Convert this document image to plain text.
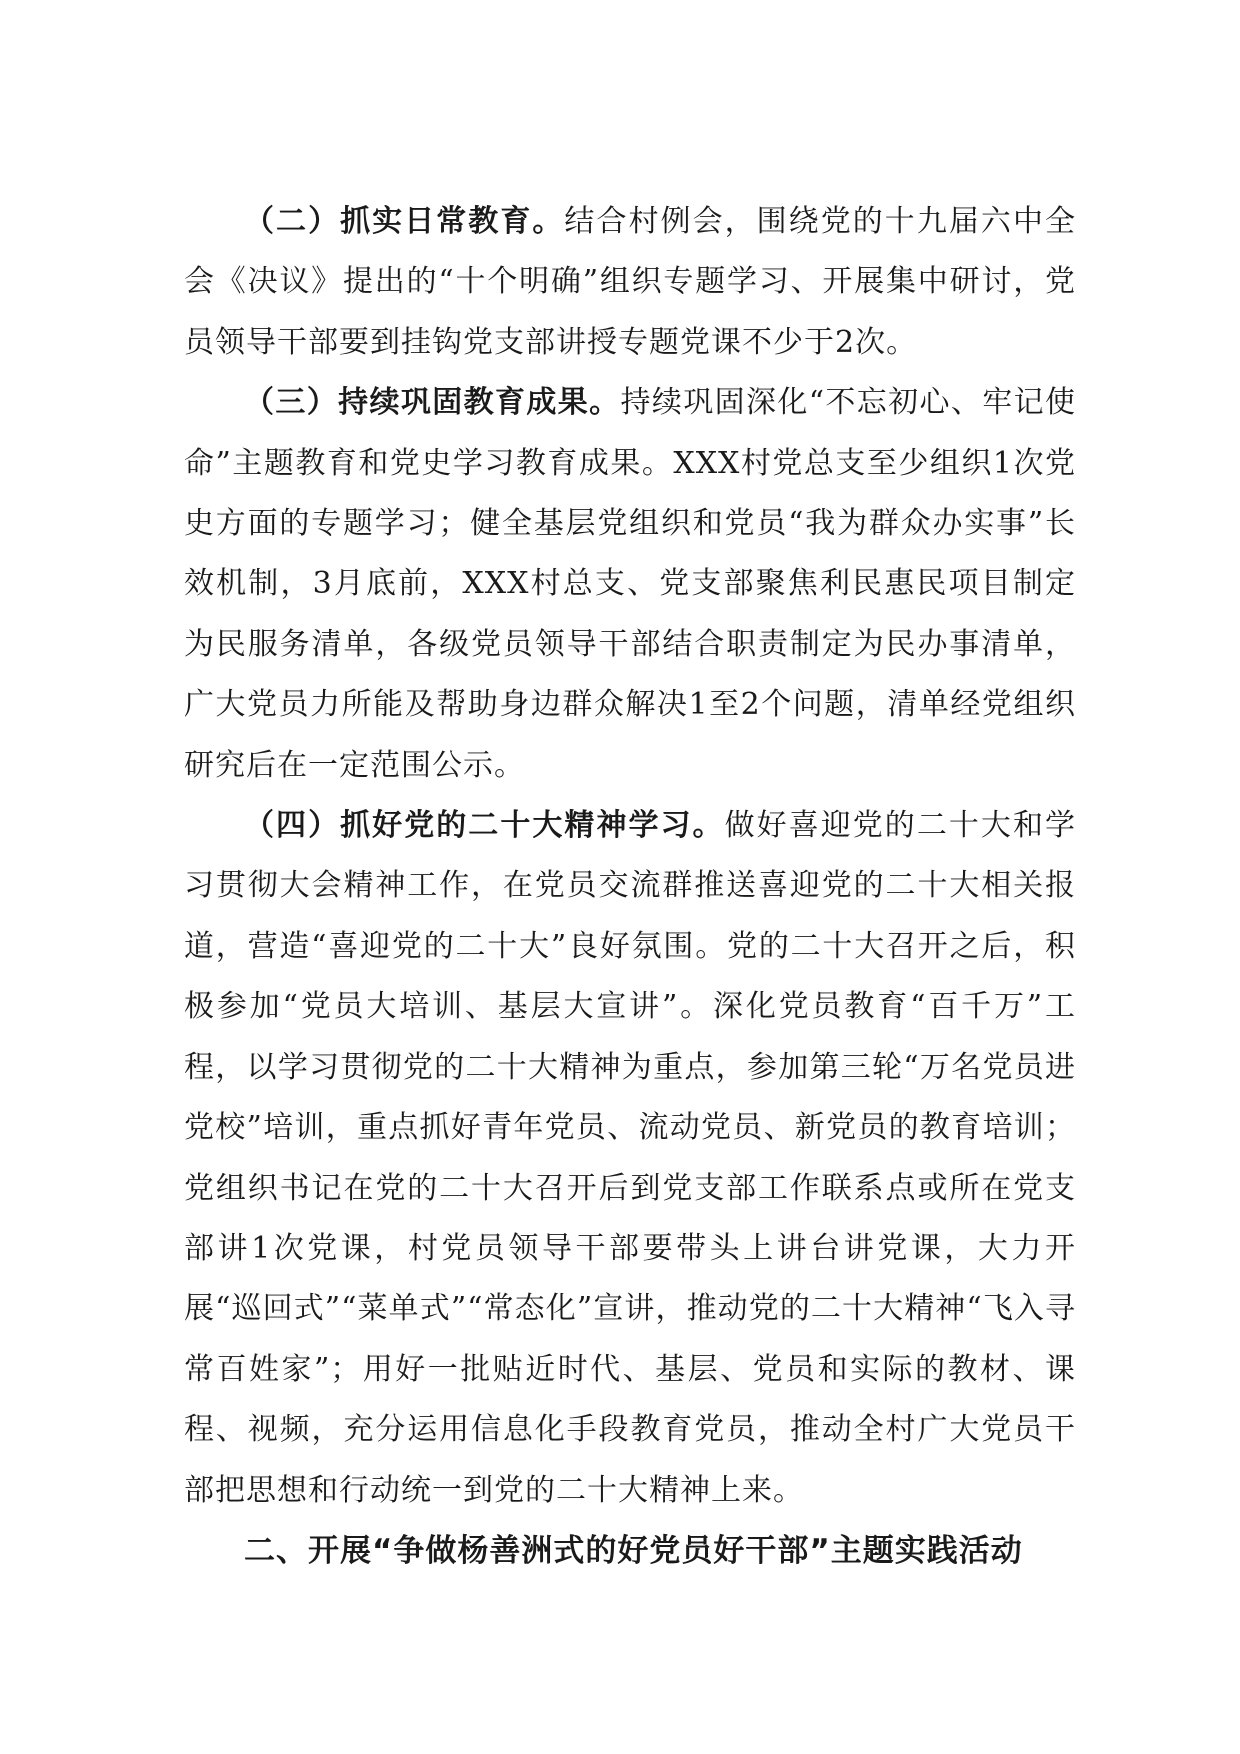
（二）抓实日常教育。结合村例会，围绕党的十九届六中全会《决议》提出的“十个明确”组织专题学习、开展集中研讨，党员领导干部要到挂钩党支部讲授专题党课不少于2次。

（三）持续巩固教育成果。持续巩固深化“不忘初心、牢记使命”主题教育和党史学习教育成果。XXX村党总支至少组织1次党史方面的专题学习；健全基层党组织和党员“我为群众办实事”长效机制，3月底前，XXX村总支、党支部聚焦利民惠民项目制定为民服务清单，各级党员领导干部结合职责制定为民办事清单，广大党员力所能及帮助身边群众解决1至2个问题，清单经党组织研究后在一定范围公示。

（四）抓好党的二十大精神学习。做好喜迎党的二十大和学习贯彻大会精神工作，在党员交流群推送喜迎党的二十大相关报道，营造“喜迎党的二十大”良好氛围。党的二十大召开之后，积极参加“党员大培训、基层大宣讲”。深化党员教育“百千万”工程，以学习贯彻党的二十大精神为重点，参加第三轮“万名党员进党校”培训，重点抓好青年党员、流动党员、新党员的教育培训；党组织书记在党的二十大召开后到党支部工作联系点或所在党支部讲1次党课，村党员领导干部要带头上讲台讲党课，大力开展“巡回式”“菜单式”“常态化”宣讲，推动党的二十大精神“飞入寻常百姓家”；用好一批贴近时代、基层、党员和实际的教材、课程、视频，充分运用信息化手段教育党员，推动全村广大党员干部把思想和行动统一到党的二十大精神上来。

二、开展“争做杨善洲式的好党员好干部”主题实践活动
